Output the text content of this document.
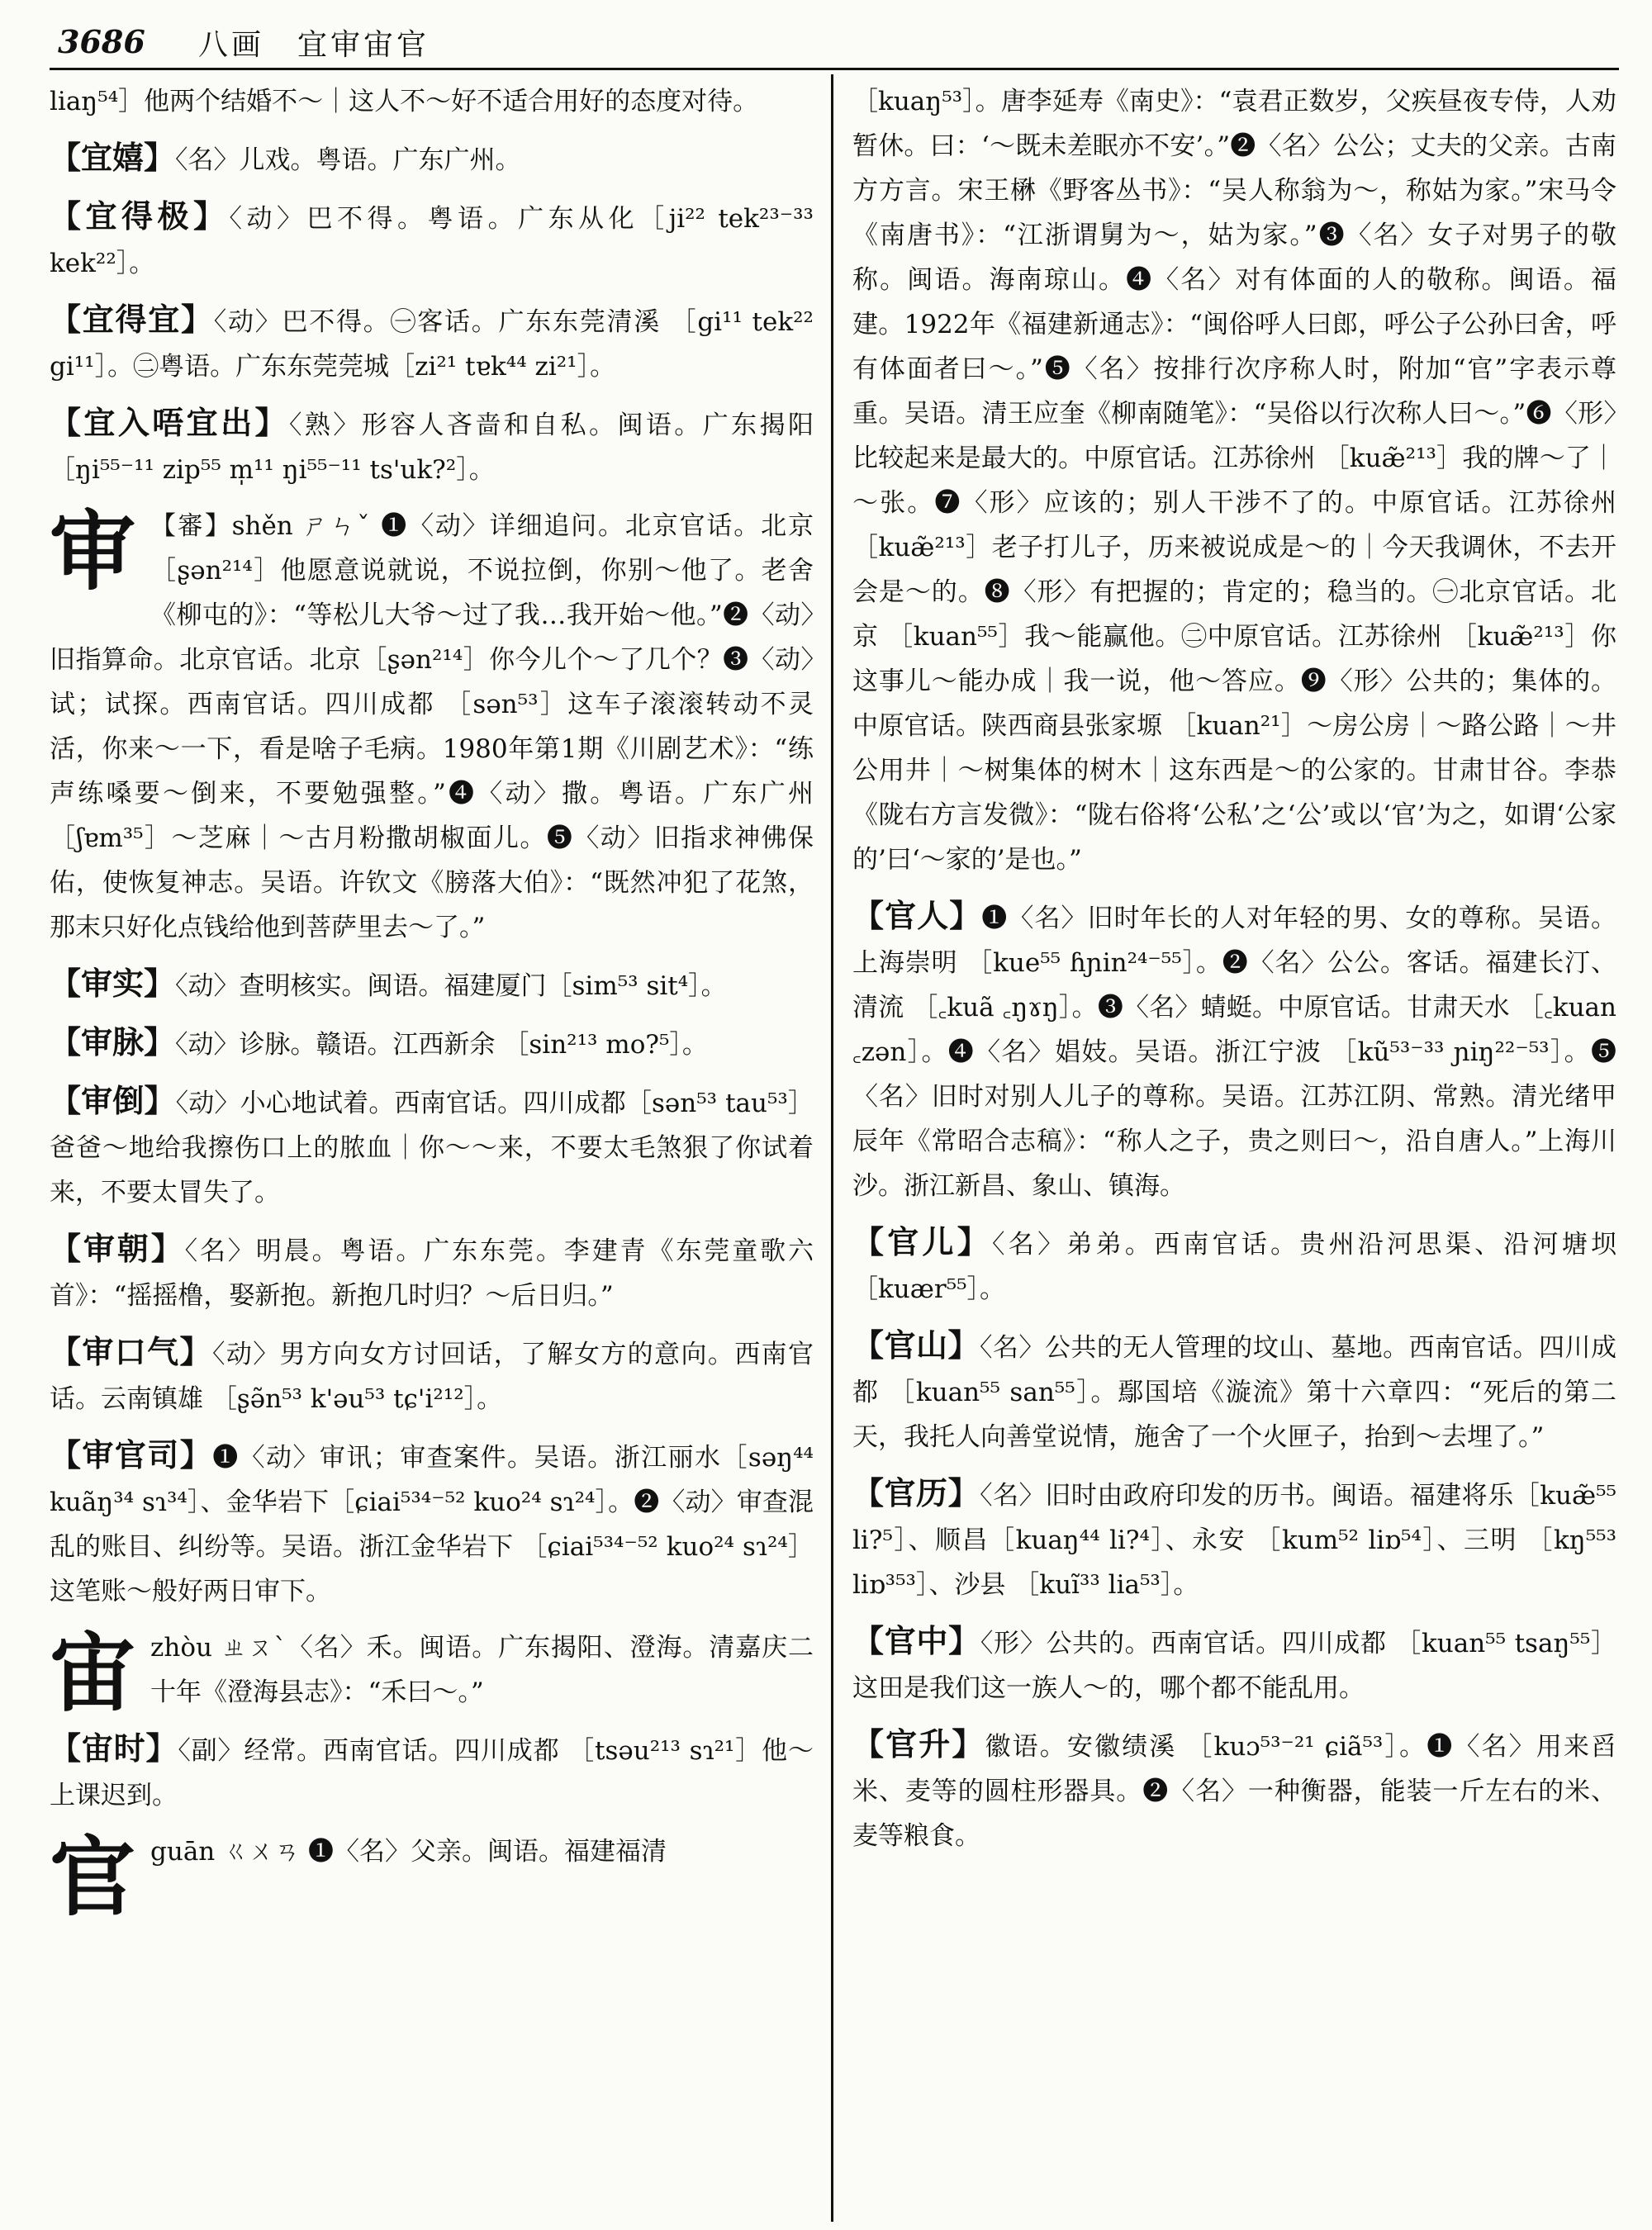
3686 八画　宜审宙官
liaŋ⁵⁴］他两个结婚不～｜这人不～好不适合用好的态度对待。
【宜嬉】〈名〉儿戏。粤语。广东广州。
【宜得极】〈动〉巴不得。粤语。广东从化［ji²² tek²³⁻³³ kek²²］。
【宜得宜】〈动〉巴不得。㊀客话。广东东莞清溪 ［gi¹¹ tek²² gi¹¹］。㊁粤语。广东东莞莞城［zi²¹ tɐk⁴⁴ zi²¹］。
【宜入唔宜出】〈熟〉形容人吝啬和自私。闽语。广东揭阳 ［ŋi⁵⁵⁻¹¹ zip⁵⁵ m̩¹¹ ŋi⁵⁵⁻¹¹ ts'uk?²］。
审 【審】shěn ㄕㄣˇ ❶〈动〉详细追问。北京官话。北京 ［ʂən²¹⁴］他愿意说就说，不说拉倒，你别～他了。老舍《柳屯的》：“等松儿大爷～过了我…我开始～他。”❷〈动〉旧指算命。北京官话。北京［ʂən²¹⁴］你今儿个～了几个？❸〈动〉试；试探。西南官话。四川成都 ［sən⁵³］这车子滚滚转动不灵活，你来～一下，看是啥子毛病。1980年第1期《川剧艺术》：“练声练嗓要～倒来，不要勉强整。”❹〈动〉撒。粤语。广东广州 ［ʃɐm³⁵］～芝麻｜～古月粉撒胡椒面儿。❺〈动〉旧指求神佛保佑，使恢复神志。吴语。许钦文《膀落大伯》：“既然冲犯了花煞，那末只好化点钱给他到菩萨里去～了。”
【审实】〈动〉查明核实。闽语。福建厦门［sim⁵³ sit⁴］。
【审脉】〈动〉诊脉。赣语。江西新余 ［sin²¹³ mo?⁵］。
【审倒】〈动〉小心地试着。西南官话。四川成都［sən⁵³ tau⁵³］爸爸～地给我擦伤口上的脓血｜你～～来，不要太毛煞狠了你试着来，不要太冒失了。
【审朝】〈名〉明晨。粤语。广东东莞。李建青《东莞童歌六首》：“摇摇橹，娶新抱。新抱几时归？～后日归。”
【审口气】〈动〉男方向女方讨回话，了解女方的意向。西南官话。云南镇雄 ［ʂə̃n⁵³ k'əu⁵³ tɕ'i²¹²］。
【审官司】❶〈动〉审讯；审查案件。吴语。浙江丽水［səŋ⁴⁴ kuãŋ³⁴ sɿ³⁴］、金华岩下［ɕiai⁵³⁴⁻⁵² kuo²⁴ sɿ²⁴］。❷〈动〉审查混乱的账目、纠纷等。吴语。浙江金华岩下 ［ɕiai⁵³⁴⁻⁵² kuo²⁴ sɿ²⁴］这笔账～般好两日审下。
宙zhòu ㄓㄡˋ〈名〉禾。闽语。广东揭阳、澄海。清嘉庆二十年《澄海县志》：“禾曰～。”
【宙时】〈副〉经常。西南官话。四川成都 ［tsəu²¹³ sɿ²¹］他～上课迟到。
官guān ㄍㄨㄢ ❶〈名〉父亲。闽语。福建福清
［kuaŋ⁵³］。唐李延寿《南史》：“袁君正数岁，父疾昼夜专侍，人劝暂休。曰：‘～既未差眠亦不安’。”❷〈名〉公公；丈夫的父亲。古南方方言。宋王楙《野客丛书》：“吴人称翁为～，称姑为家。”宋马令《南唐书》：“江浙谓舅为～，姑为家。”❸〈名〉女子对男子的敬称。闽语。海南琼山。❹〈名〉对有体面的人的敬称。闽语。福建。1922年《福建新通志》：“闽俗呼人曰郎，呼公子公孙曰舍，呼有体面者曰～。”❺〈名〉按排行次序称人时，附加“官”字表示尊重。吴语。清王应奎《柳南随笔》：“吴俗以行次称人曰～。”❻〈形〉比较起来是最大的。中原官话。江苏徐州 ［kuæ̃²¹³］我的牌～了｜～张。❼〈形〉应该的；别人干涉不了的。中原官话。江苏徐州 ［kuæ̃²¹³］老子打儿子，历来被说成是～的｜今天我调休，不去开会是～的。❽〈形〉有把握的；肯定的；稳当的。㊀北京官话。北京 ［kuan⁵⁵］我～能赢他。㊁中原官话。江苏徐州 ［kuæ̃²¹³］你这事儿～能办成｜我一说，他～答应。❾〈形〉公共的；集体的。中原官话。陕西商县张家塬 ［kuan²¹］～房公房｜～路公路｜～井公用井｜～树集体的树木｜这东西是～的公家的。甘肃甘谷。李恭《陇右方言发微》：“陇右俗将‘公私’之‘公’或以‘官’为之，如谓‘公家的’曰‘～家的’是也。”
【官人】❶〈名〉旧时年长的人对年轻的男、女的尊称。吴语。上海崇明 ［kue⁵⁵ ɦɲin²⁴⁻⁵⁵］。❷〈名〉公公。客话。福建长汀、清流 ［꜀kuã ꜀ŋɤŋ］。❸〈名〉蜻蜓。中原官话。甘肃天水 ［꜀kuan ꜀zən］。❹〈名〉娼妓。吴语。浙江宁波 ［kũ⁵³⁻³³ ɲiŋ²²⁻⁵³］。❺〈名〉旧时对别人儿子的尊称。吴语。江苏江阴、常熟。清光绪甲辰年《常昭合志稿》：“称人之子，贵之则曰～，沿自唐人。”上海川沙。浙江新昌、象山、镇海。
【官儿】〈名〉弟弟。西南官话。贵州沿河思渠、沿河塘坝［kuær⁵⁵］。
【官山】〈名〉公共的无人管理的坟山、墓地。西南官话。四川成都 ［kuan⁵⁵ san⁵⁵］。鄢国培《漩流》第十六章四：“死后的第二天，我托人向善堂说情，施舍了一个火匣子，抬到～去埋了。”
【官历】〈名〉旧时由政府印发的历书。闽语。福建将乐［kuæ̃⁵⁵ li?⁵］、顺昌［kuaŋ⁴⁴ li?⁴］、永安 ［kum⁵² liɒ⁵⁴］、三明 ［kŋ⁵⁵³ liɒ³⁵³］、沙县 ［kuĩ³³ lia⁵³］。
【官中】〈形〉公共的。西南官话。四川成都 ［kuan⁵⁵ tsaŋ⁵⁵］这田是我们这一族人～的，哪个都不能乱用。
【官升】徽语。安徽绩溪 ［kuɔ⁵³⁻²¹ ɕiã⁵³］。❶〈名〉用来舀米、麦等的圆柱形器具。❷〈名〉一种衡器，能装一斤左右的米、麦等粮食。
